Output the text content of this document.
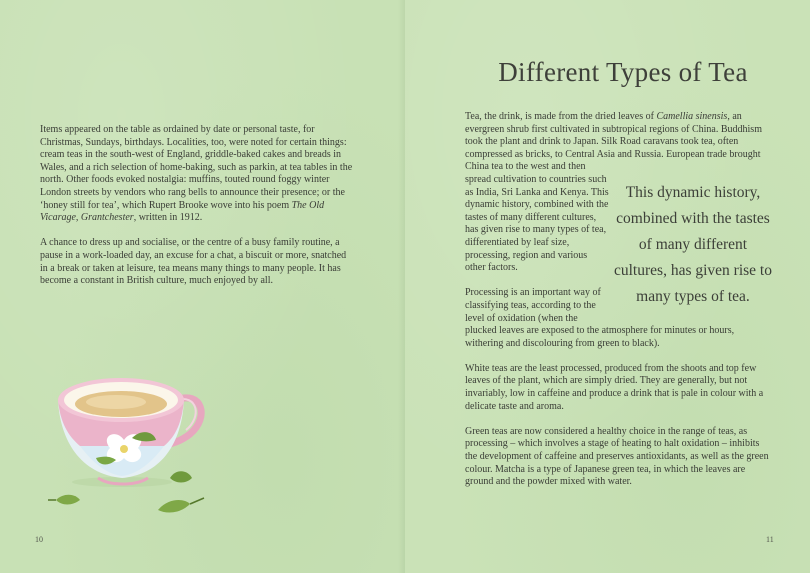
Items appeared on the table as ordained by date or personal taste, for Christmas, Sundays, birthdays. Localities, too, were noted for certain things: cream teas in the south-west of England, griddle-baked cakes and breads in Wales, and a rich selection of home-baking, such as parkin, at tea tables in the north. Other foods evoked nostalgia: muffins, touted round foggy winter London streets by vendors who rang bells to announce their presence; or the ‘honey still for tea’, which Rupert Brooke wove into his poem The Old Vicarage, Grantchester, written in 1912.

A chance to dress up and socialise, or the centre of a busy family routine, a pause in a work-loaded day, an excuse for a chat, a biscuit or more, snatched in a break or taken at leisure, tea means many things to many people. It has become a constant in British culture, much enjoyed by all.

10
Different Types of Tea

Tea, the drink, is made from the dried leaves of Camellia sinensis, an evergreen shrub first cultivated in subtropical regions of China. Buddhism took the plant and drink to Japan. Silk Road caravans took tea, often compressed as bricks, to Central Asia and Russia. European trade brought

China tea to the west and then spread cultivation to countries such as India, Sri Lanka and Kenya. This dynamic history, combined with the tastes of many different cultures, has given rise to many types of tea, differentiated by leaf size, processing, region and various other factors.

Processing is an important way of classifying teas, according to the level of oxidation (when the

plucked leaves are exposed to the atmosphere for minutes or hours, withering and discolouring from green to black).

White teas are the least processed, produced from the shoots and top few leaves of the plant, which are simply dried. They are generally, but not invariably, low in caffeine and produce a drink that is pale in colour with a delicate taste and aroma.

Green teas are now considered a healthy choice in the range of teas, as processing – which involves a stage of heating to halt oxidation – inhibits the development of caffeine and preserves antioxidants, as well as the green colour. Matcha is a type of Japanese green tea, in which the leaves are ground and the powder mixed with water.

This dynamic history, combined with the tastes of many different cultures, has given rise to many types of tea.
11
